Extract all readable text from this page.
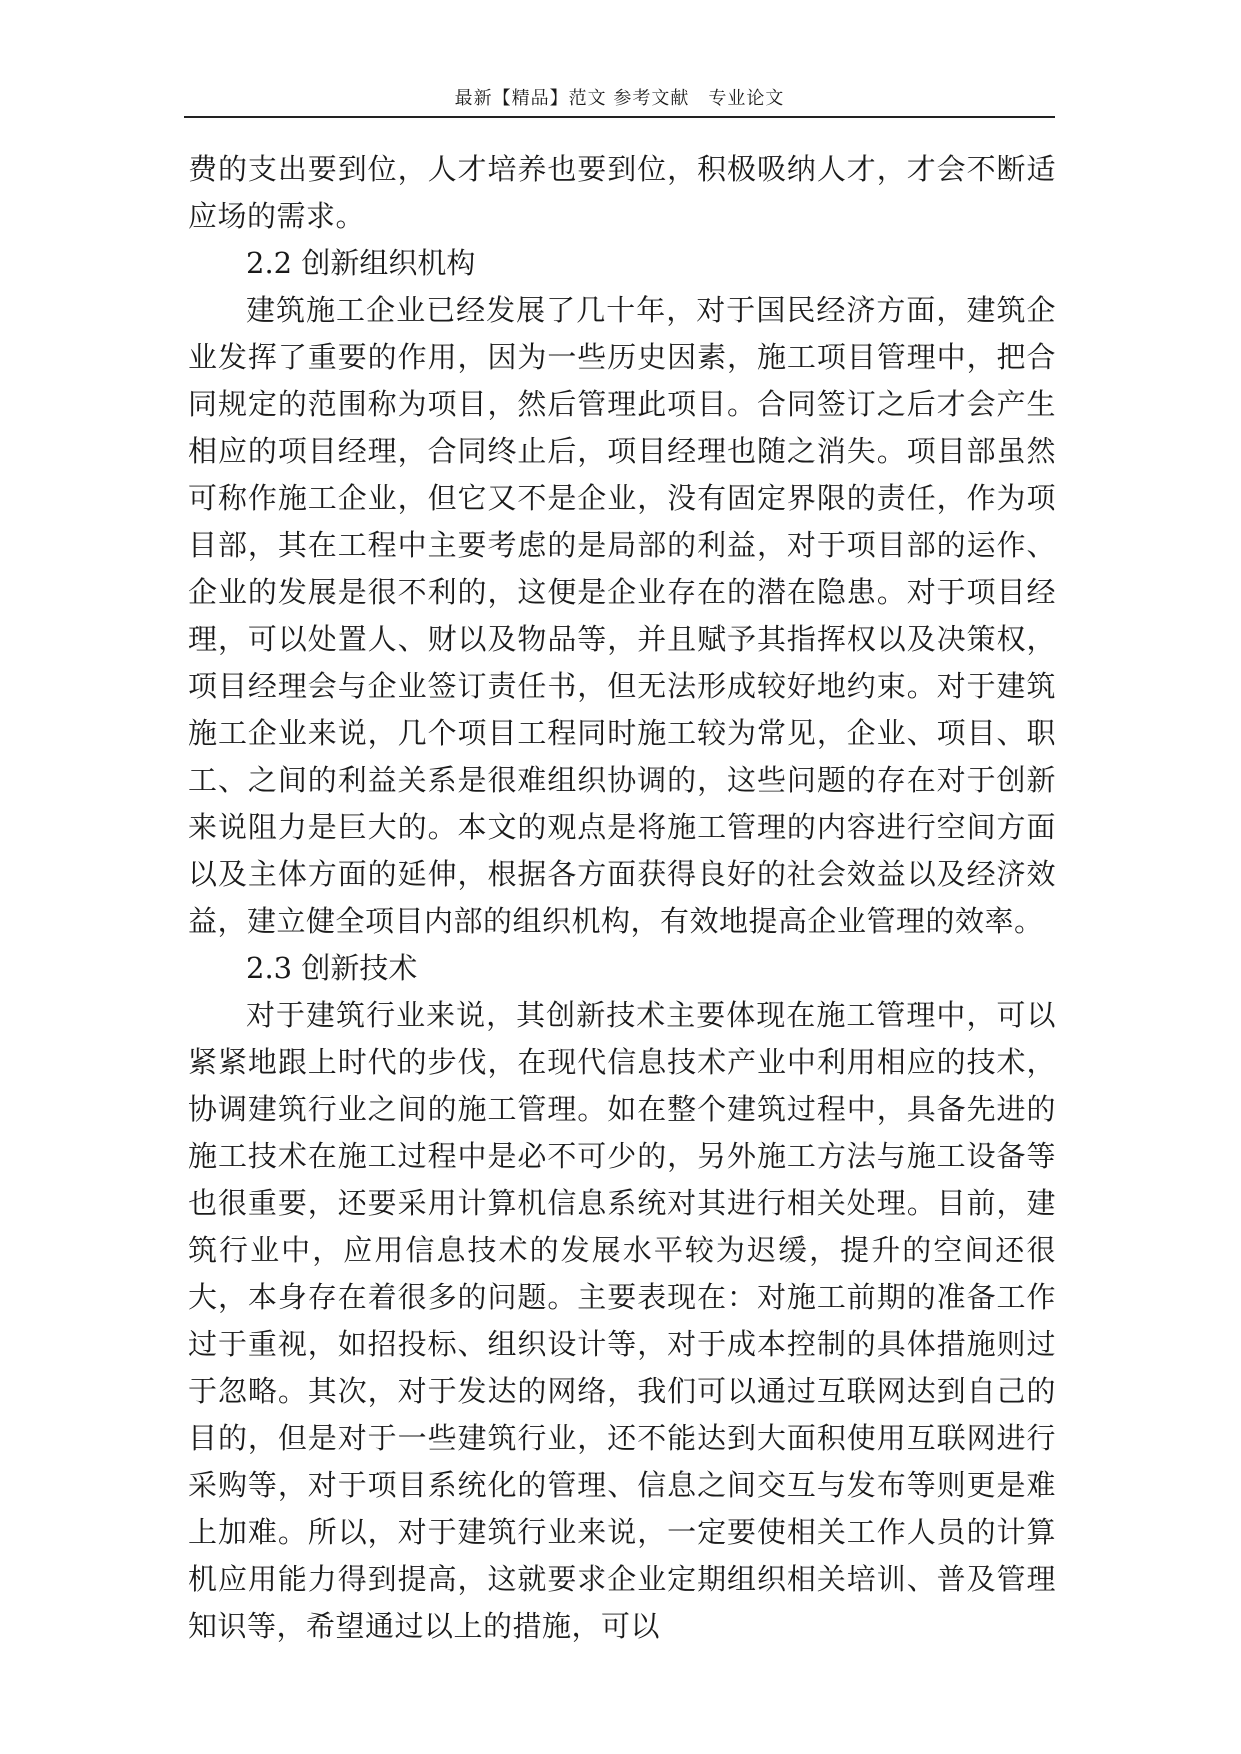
最新【精品】范文 参考文献　专业论文

费的支出要到位，人才培养也要到位，积极吸纳人才，才会不断适应场的需求。

2.2 创新组织机构

建筑施工企业已经发展了几十年，对于国民经济方面，建筑企业发挥了重要的作用，因为一些历史因素，施工项目管理中，把合同规定的范围称为项目，然后管理此项目。合同签订之后才会产生相应的项目经理，合同终止后，项目经理也随之消失。项目部虽然可称作施工企业，但它又不是企业，没有固定界限的责任，作为项目部，其在工程中主要考虑的是局部的利益，对于项目部的运作、企业的发展是很不利的，这便是企业存在的潜在隐患。对于项目经理，可以处置人、财以及物品等，并且赋予其指挥权以及决策权，项目经理会与企业签订责任书，但无法形成较好地约束。对于建筑施工企业来说，几个项目工程同时施工较为常见，企业、项目、职工、之间的利益关系是很难组织协调的，这些问题的存在对于创新来说阻力是巨大的。本文的观点是将施工管理的内容进行空间方面以及主体方面的延伸，根据各方面获得良好的社会效益以及经济效益，建立健全项目内部的组织机构，有效地提高企业管理的效率。

2.3 创新技术

对于建筑行业来说，其创新技术主要体现在施工管理中，可以紧紧地跟上时代的步伐，在现代信息技术产业中利用相应的技术，协调建筑行业之间的施工管理。如在整个建筑过程中，具备先进的施工技术在施工过程中是必不可少的，另外施工方法与施工设备等也很重要，还要采用计算机信息系统对其进行相关处理。目前，建筑行业中，应用信息技术的发展水平较为迟缓，提升的空间还很大，本身存在着很多的问题。主要表现在：对施工前期的准备工作过于重视，如招投标、组织设计等，对于成本控制的具体措施则过于忽略。其次，对于发达的网络，我们可以通过互联网达到自己的目的，但是对于一些建筑行业，还不能达到大面积使用互联网进行采购等，对于项目系统化的管理、信息之间交互与发布等则更是难上加难。所以，对于建筑行业来说，一定要使相关工作人员的计算机应用能力得到提高，这就要求企业定期组织相关培训、普及管理知识等，希望通过以上的措施，可以
